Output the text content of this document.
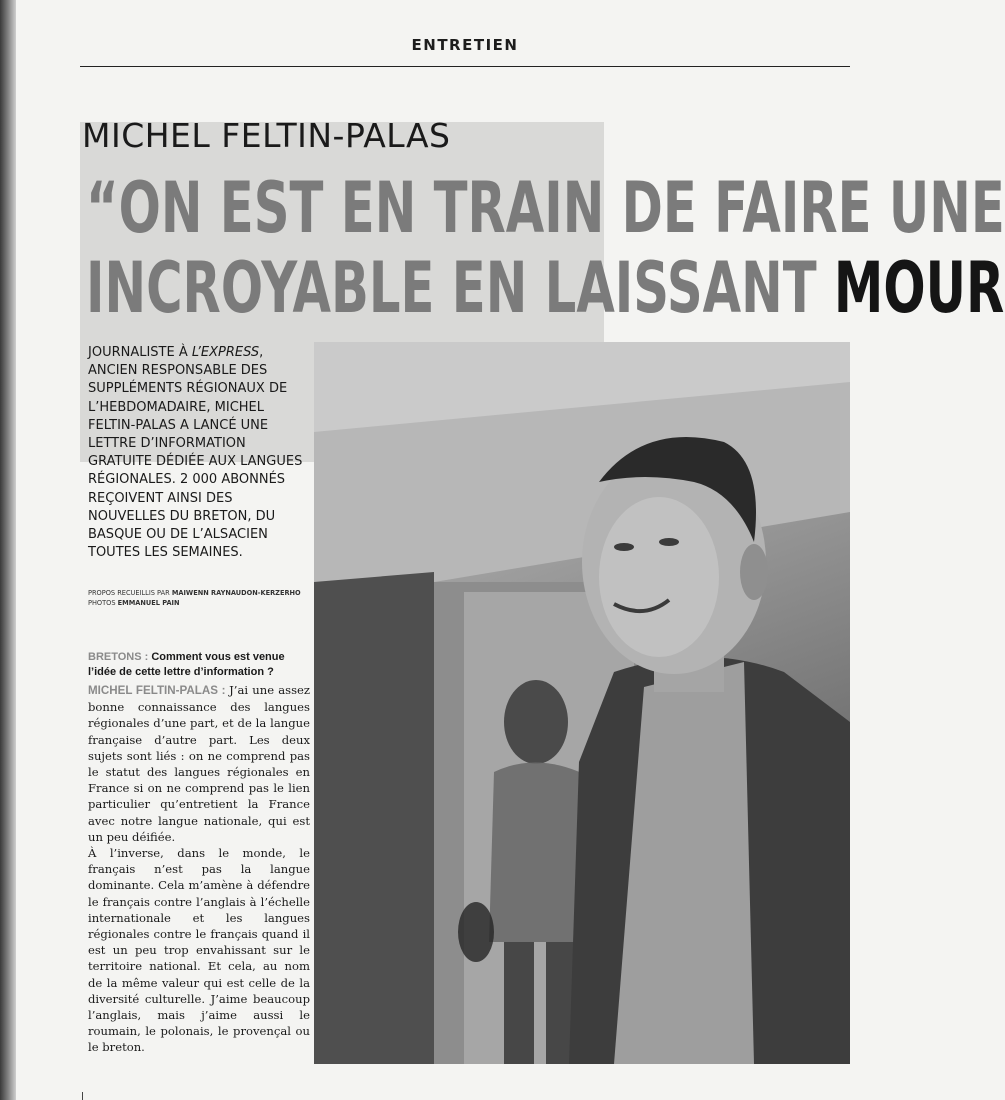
ENTRETIEN
MICHEL FELTIN-PALAS
“ON EST EN TRAIN DE FAIRE UNE
INCROYABLE EN LAISSANT MOUR
JOURNALISTE À L’EXPRESS, ANCIEN RESPONSABLE DES SUPPLÉMENTS RÉGIONAUX DE L’HEBDOMADAIRE, MICHEL FELTIN-PALAS A LANCÉ UNE LETTRE D’INFORMATION GRATUITE DÉDIÉE AUX LANGUES RÉGIONALES. 2 000 ABONNÉS REÇOIVENT AINSI DES NOUVELLES DU BRETON, DU BASQUE OU DE L’ALSACIEN TOUTES LES SEMAINES.
PROPOS RECUEILLIS PAR MAIWENN RAYNAUDON-KERZERHO PHOTOS EMMANUEL PAIN
BRETONS : Comment vous est venue l’idée de cette lettre d’information ?

MICHEL FELTIN-PALAS : J’ai une assez bonne connaissance des langues régionales d’une part, et de la langue française d’autre part. Les deux sujets sont liés : on ne comprend pas le statut des langues régionales en France si on ne comprend pas le lien particulier qu’entretient la France avec notre langue nationale, qui est un peu déifiée.

À l’inverse, dans le monde, le français n’est pas la langue dominante. Cela m’amène à défendre le français contre l’anglais à l’échelle internationale et les langues régionales contre le français quand il est un peu trop envahissant sur le territoire national. Et cela, au nom de la même valeur qui est celle de la diversité culturelle. J’aime beaucoup l’anglais, mais j’aime aussi le roumain, le polonais, le provençal ou le breton.
